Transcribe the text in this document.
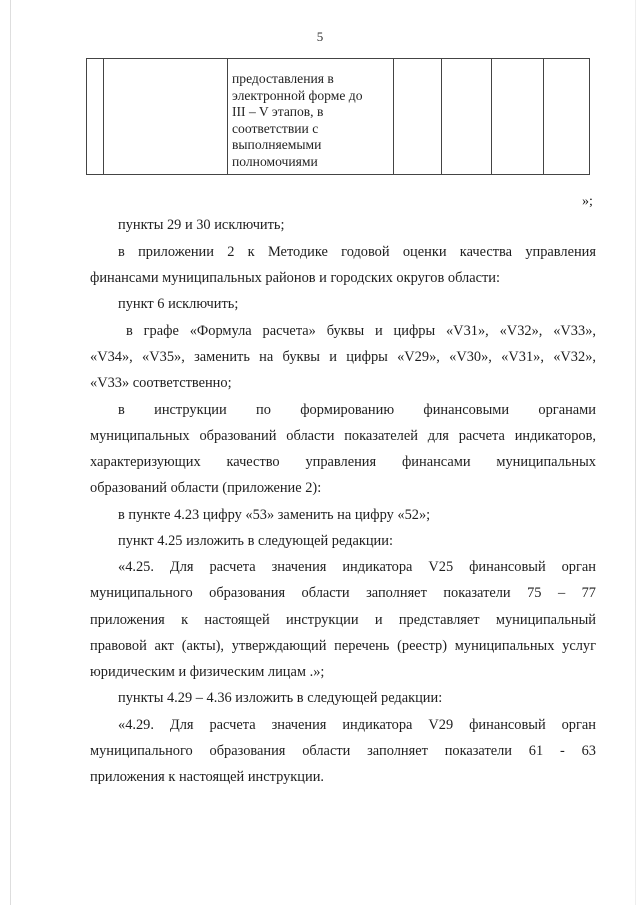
5
		предоставления в
электронной форме до
III – V этапов, в
соответствии с
выполняемыми
полномочиями				
»;
пункты 29 и 30 исключить;
в приложении 2 к Методике годовой оценки качества управления
финансами муниципальных районов и городских округов области:
пункт 6 исключить;
в графе «Формула расчета» буквы и цифры «V31», «V32», «V33»,
«V34», «V35», заменить на буквы и цифры «V29», «V30», «V31», «V32»,
«V33» соответственно;
в инструкции по формированию финансовыми органами
муниципальных образований области показателей для расчета индикаторов,
характеризующих качество управления финансами муниципальных
образований области (приложение 2):
в пункте 4.23 цифру «53» заменить на цифру «52»;
пункт 4.25 изложить в следующей редакции:
«4.25. Для расчета значения индикатора V25 финансовый орган
муниципального образования области заполняет показатели 75 – 77
приложения к настоящей инструкции и представляет муниципальный
правовой акт (акты), утверждающий перечень (реестр) муниципальных услуг
юридическим и физическим лицам .»;
пункты 4.29 – 4.36 изложить в следующей редакции:
«4.29. Для расчета значения индикатора V29 финансовый орган
муниципального образования области заполняет показатели 61 - 63
приложения к настоящей инструкции.
